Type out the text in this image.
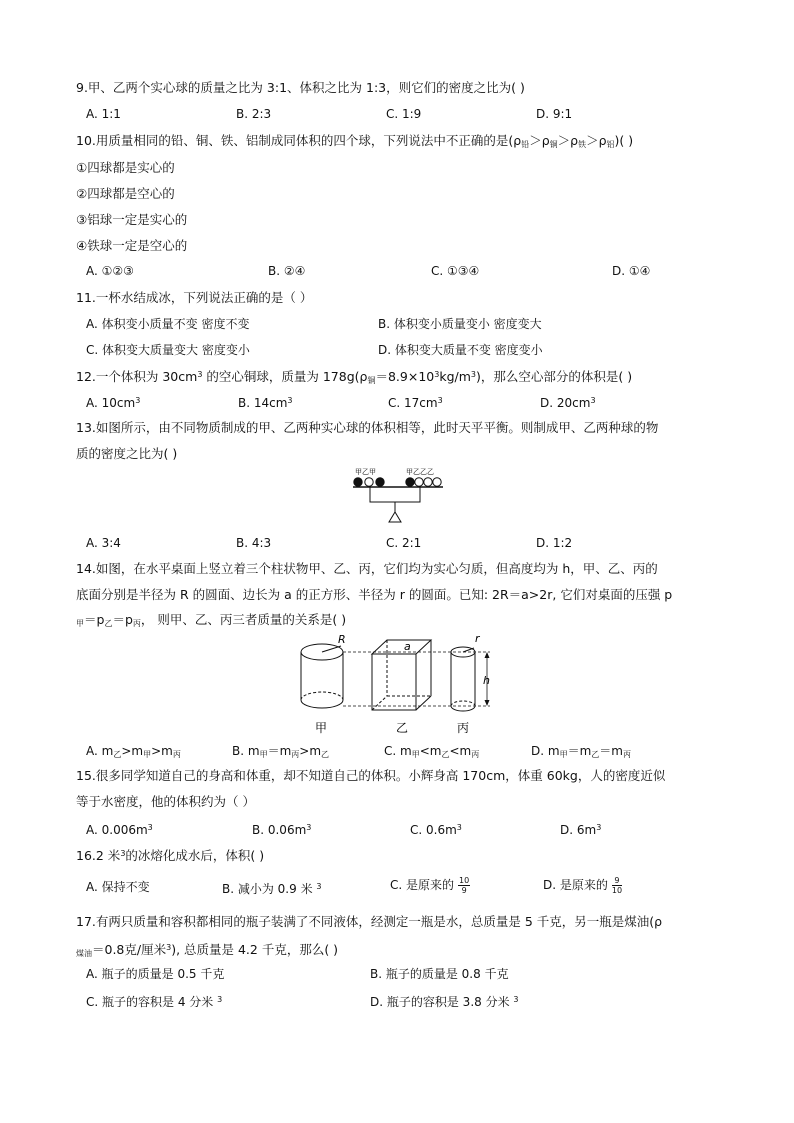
9.甲、乙两个实心球的质量之比为 3:1、体积之比为 1:3，则它们的密度之比为( )
A. 1:1	B. 2:3	C. 1:9	D. 9:1
10.用质量相同的铅、铜、铁、铝制成同体积的四个球，下列说法中不正确的是$(\rho_铅>\rho_铜>\rho_铁>\rho_铝)$( )
①四球都是实心的
②四球都是空心的
③铝球一定是实心的
④铁球一定是空心的
A. ①②③	B. ②④	C. ①③④	D. ①④
11.一杯水结成冰，下列说法正确的是（ ）
A. 体积变小质量不变 密度不变	B. 体积变小质量变小 密度变大
C. 体积变大质量变大 密度变小	D. 体积变大质量不变 密度变小
12.一个体积为 $30cm^3$ 的空心铜球，质量为 $178g(\rho_铜=8.9\times 10^3kg/m^3)$，那么空心部分的体积是( )
A. $10cm^3$	B. $14cm^3$	C. $17cm^3$	D. $20cm^3$
13.如图所示，由不同物质制成的甲、乙两种实心球的体积相等，此时天平平衡。则制成甲、乙两种球的物
质的密度之比为( )
甲乙甲	甲乙乙乙
A. 3:4	B. 4:3	C. 2:1	D. 1:2
14.如图，在水平桌面上竖立着三个柱状物甲、乙、丙，它们均为实心匀质，但高度均为 h，甲、乙、丙的
底面分别是半径为 R 的圆面、边长为 a 的正方形、半径为 r 的圆面。已知: 2R＝a>2r, 它们对桌面的压强 p
$_甲=p_乙=p_丙$， 则甲、乙、丙三者质量的关系是( )
R
甲
a
乙
r
丙
h
A. $m_乙>m_甲>m_丙$	B. $m_甲=m_丙>m_乙$	C. $m_甲<m_乙<m_丙$	D. $m_甲=m_乙=m_丙$
15.很多同学知道自己的身高和体重，却不知道自己的体积。小辉身高 170cm，体重 60kg，人的密度近似
等于水密度，他的体积约为（ ）
A. $0.006m^3$	B. $0.06m^3$	C. $0.6m^3$	D. $6m^3$
16.2 米$^3$的冰熔化成水后，体积( )
A. 保持不变	B. 减小为 0.9 米 $^3$	C. 是原来的 $\frac{10}{9}$	D. 是原来的 $\frac{9}{10}$
17.有两只质量和容积都相同的瓶子装满了不同液体，经测定一瓶是水，总质量是 5 千克，另一瓶是煤油(ρ
$_{煤油}$＝0.8克/厘米$^3$), 总质量是 4.2 千克，那么( )
A. 瓶子的质量是 0.5 千克	B. 瓶子的质量是 0.8 千克
C. 瓶子的容积是 4 分米 $^3$	D. 瓶子的容积是 3.8 分米 $^3$
